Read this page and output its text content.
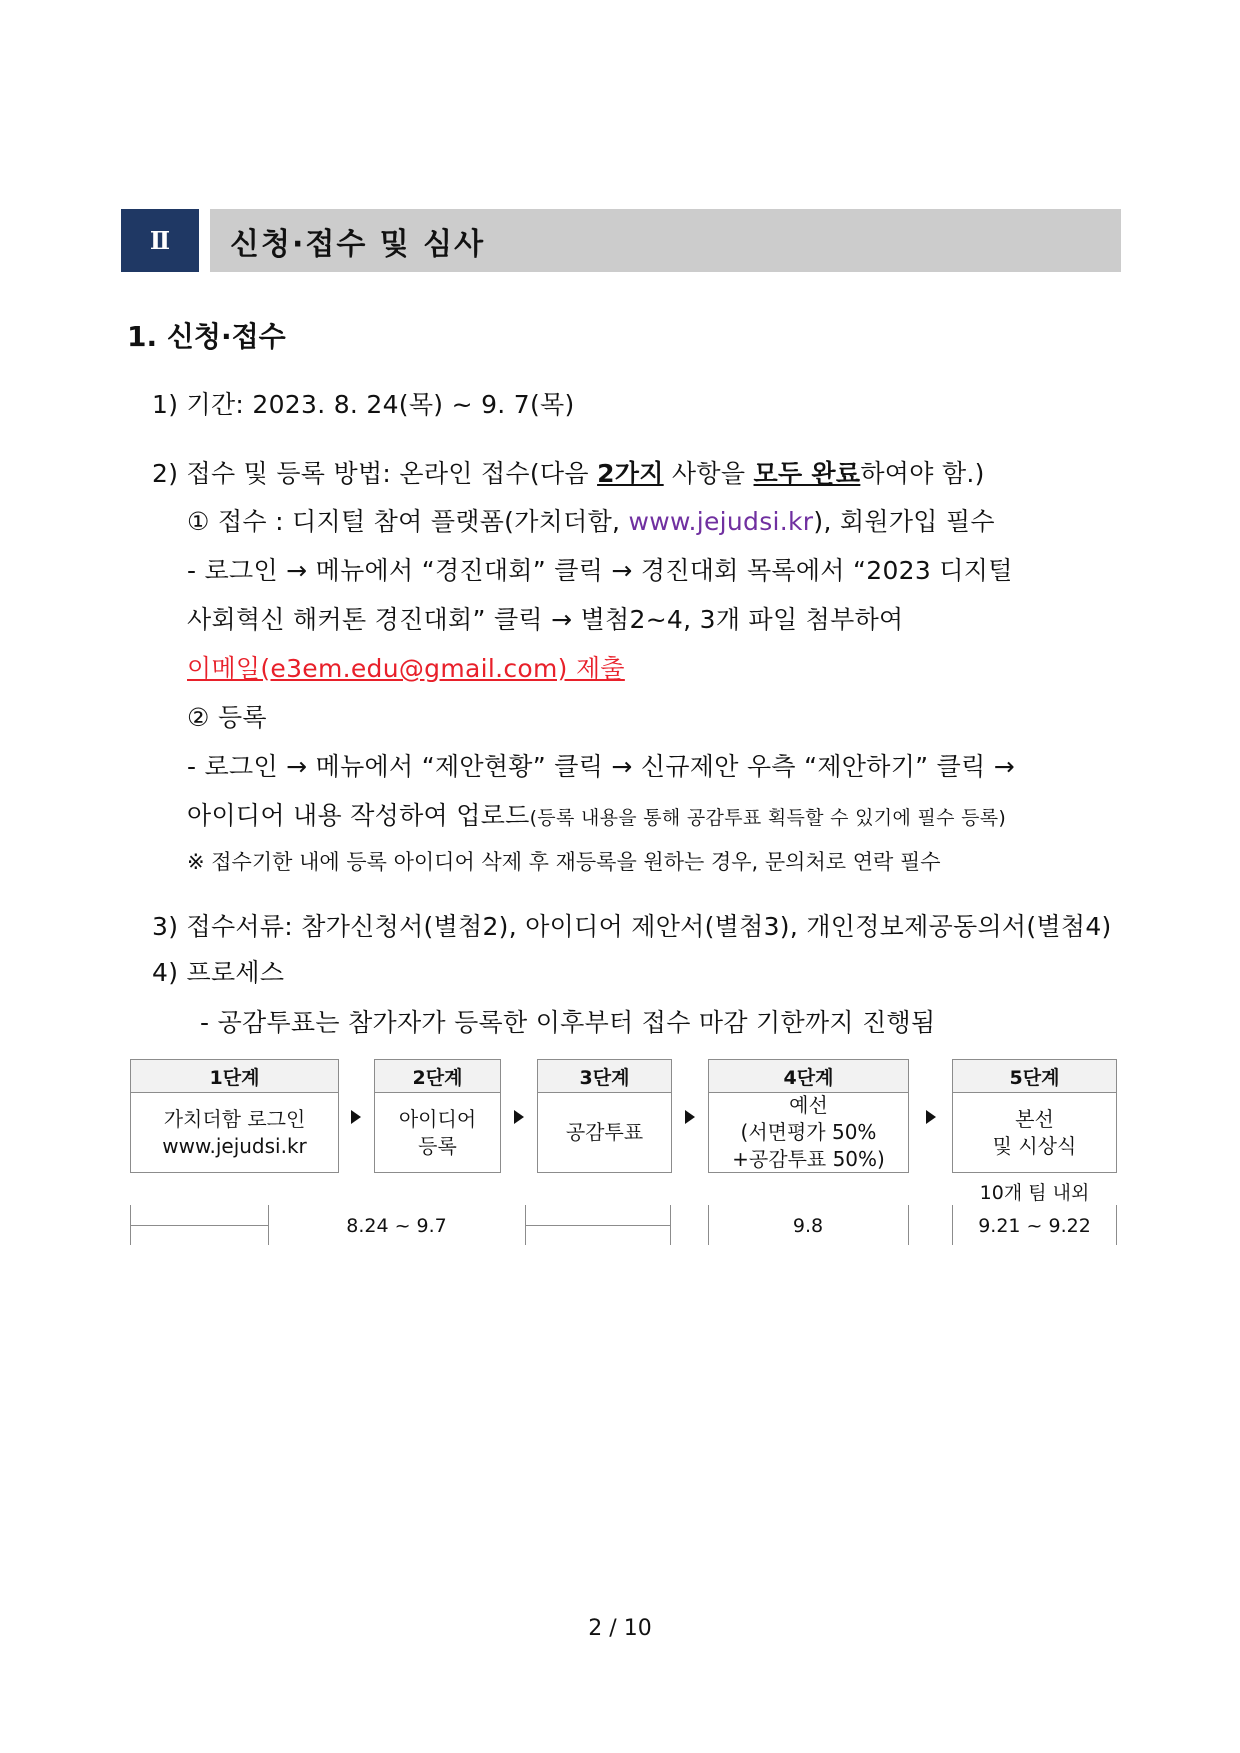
Ⅱ	신청·접수 및 심사
1. 신청·접수
1) 기간: 2023. 8. 24(목) ~ 9. 7(목)
2) 접수 및 등록 방법: 온라인 접수(다음 2가지 사항을 모두 완료하여야 함.)
① 접수 : 디지털 참여 플랫폼(가치더함, www.jejudsi.kr), 회원가입 필수
- 로그인 → 메뉴에서 “경진대회” 클릭 → 경진대회 목록에서 “2023 디지털
사회혁신 해커톤 경진대회” 클릭 → 별첨2~4, 3개 파일 첨부하여
이메일(e3em.edu@gmail.com) 제출
② 등록
- 로그인 → 메뉴에서 “제안현황” 클릭 → 신규제안 우측 “제안하기” 클릭 →
아이디어 내용 작성하여 업로드(등록 내용을 통해 공감투표 획득할 수 있기에 필수 등록)
※ 접수기한 내에 등록 아이디어 삭제 후 재등록을 원하는 경우, 문의처로 연락 필수
3) 접수서류: 참가신청서(별첨2), 아이디어 제안서(별첨3), 개인정보제공동의서(별첨4)
4) 프로세스
- 공감투표는 참가자가 등록한 이후부터 접수 마감 기한까지 진행됨
1단계
가치더함 로그인
www.jejudsi.kr
2단계
아이디어
등록
3단계
공감투표
4단계
예선
(서면평가 50%
+공감투표 50%)
5단계
본선
및 시상식
10개 팀 내외
8.24 ~ 9.7	9.8	9.21 ~ 9.22
2 / 10
